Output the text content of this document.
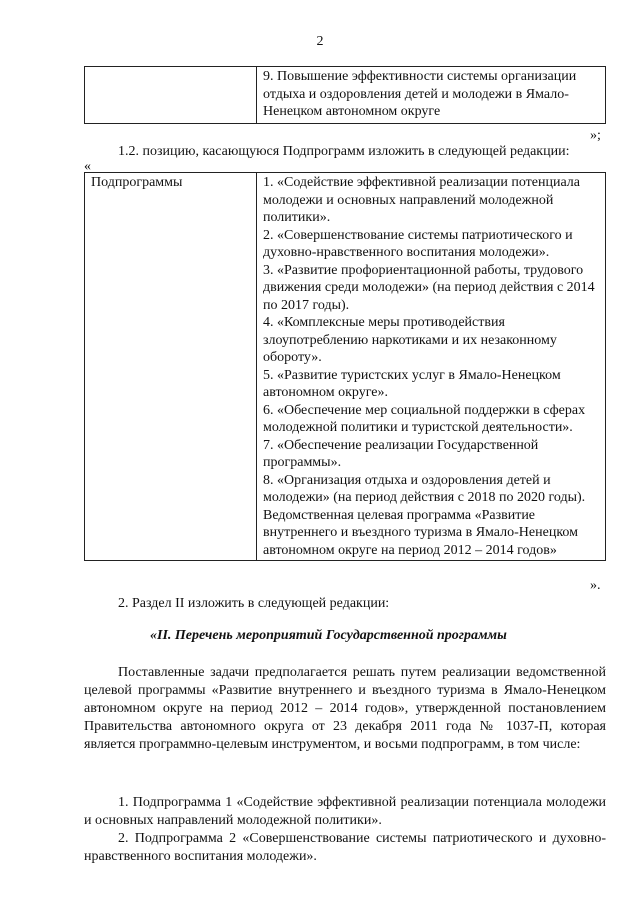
2
	9. Повышение эффективности системы организации отдыха и оздоровления детей и молодежи в Ямало-Ненецком автономном округе
»;
1.2. позицию, касающуюся Подпрограмм изложить в следующей редакции:
«
Подпрограммы	1. «Содействие эффективной реализации потенциала молодежи и основных направлений молодежной политики».
2. «Совершенствование системы патриотического и духовно-нравственного воспитания молодежи».
3. «Развитие профориентационной работы, трудового движения среди молодежи» (на период действия с 2014 по 2017 годы).
4. «Комплексные меры противодействия злоупотреблению наркотиками и их незаконному обороту».
5. «Развитие туристских услуг в Ямало-Ненецком автономном округе».
6. «Обеспечение мер социальной поддержки в сферах молодежной политики и туристской деятельности».
7. «Обеспечение реализации Государственной программы».
8. «Организация отдыха и оздоровления детей и молодежи» (на период действия с 2018 по 2020 годы).
Ведомственная целевая программа «Развитие внутреннего и въездного туризма в Ямало-Ненецком автономном округе на период 2012 – 2014 годов»
».
2. Раздел II изложить в следующей редакции:
«II. Перечень мероприятий Государственной программы
Поставленные задачи предполагается решать путем реализации ведомственной целевой программы «Развитие внутреннего и въездного туризма в Ямало-Ненецком автономном округе на период 2012 – 2014 годов», утвержденной постановлением Правительства автономного округа от 23 декабря 2011 года № 1037-П, которая является программно-целевым инструментом, и восьми подпрограмм, в том числе:
1. Подпрограмма 1 «Содействие эффективной реализации потенциала молодежи и основных направлений молодежной политики».
2. Подпрограмма 2 «Совершенствование системы патриотического и духовно-нравственного воспитания молодежи».
